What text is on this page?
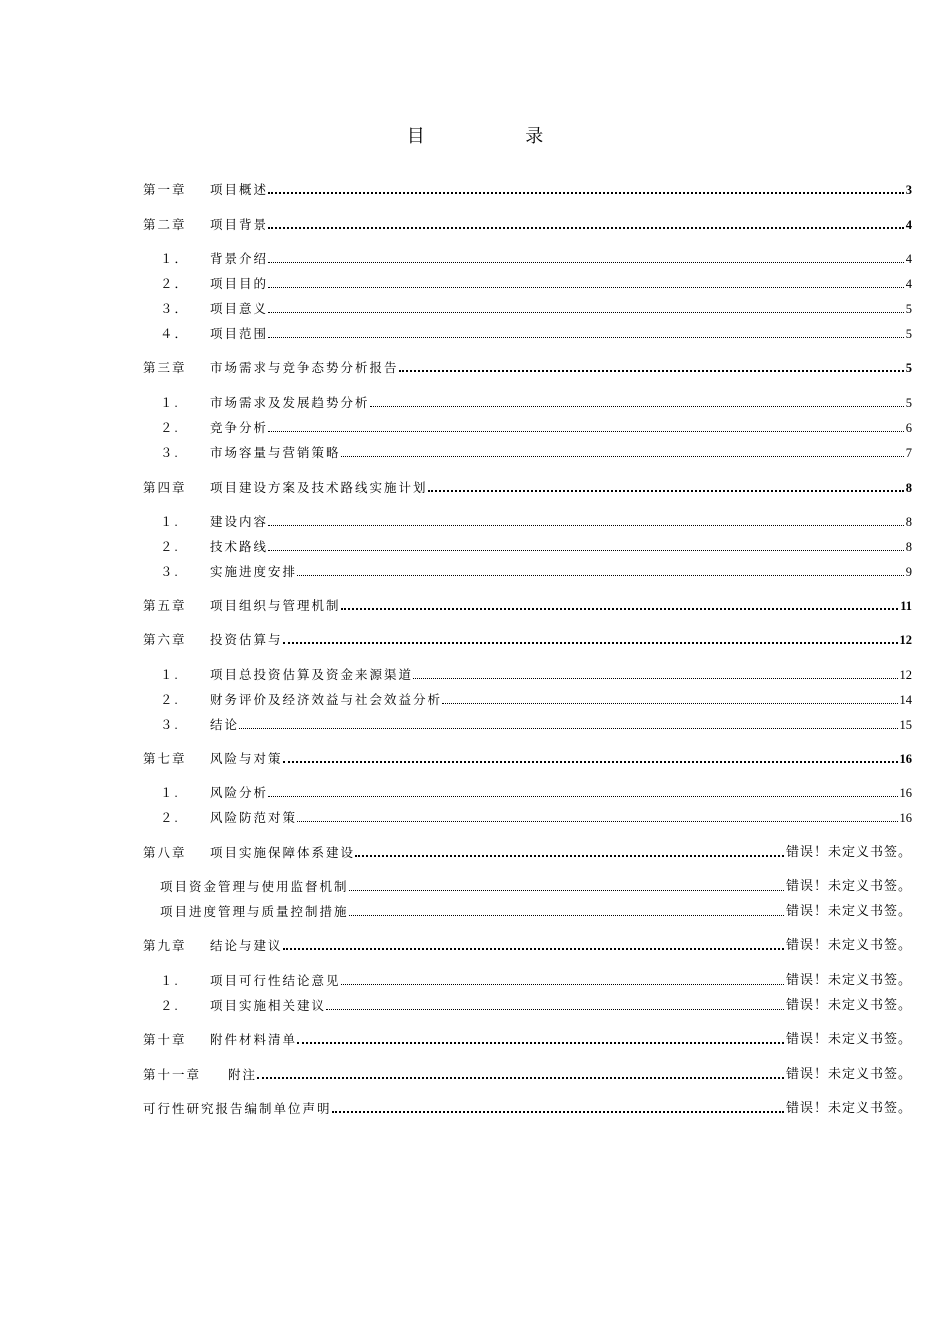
目 录
第一章	项目概述	3
第二章	项目背景	4
１．	背景介绍	4
２．	项目目的	4
３．	项目意义	5
４．	项目范围	5
第三章	市场需求与竞争态势分析报告	5
１.	市场需求及发展趋势分析	5
２.	竞争分析	6
３.	市场容量与营销策略	7
第四章	项目建设方案及技术路线实施计划	8
１.	建设内容	8
２.	技术路线	8
３.	实施进度安排	9
第五章	项目组织与管理机制	11
第六章	投资估算与	12
１.	项目总投资估算及资金来源渠道	12
２.	财务评价及经济效益与社会效益分析	14
３.	结论	15
第七章	风险与对策	16
１.	风险分析	16
２.	风险防范对策	16
第八章	项目实施保障体系建设	错误！未定义书签。
项目资金管理与使用监督机制	错误！未定义书签。
项目进度管理与质量控制措施	错误！未定义书签。
第九章	结论与建议	错误！未定义书签。
１.	项目可行性结论意见	错误！未定义书签。
２.	项目实施相关建议	错误！未定义书签。
第十章	附件材料清单	错误！未定义书签。
第十一章	附注	错误！未定义书签。
可行性研究报告编制单位声明	错误！未定义书签。
